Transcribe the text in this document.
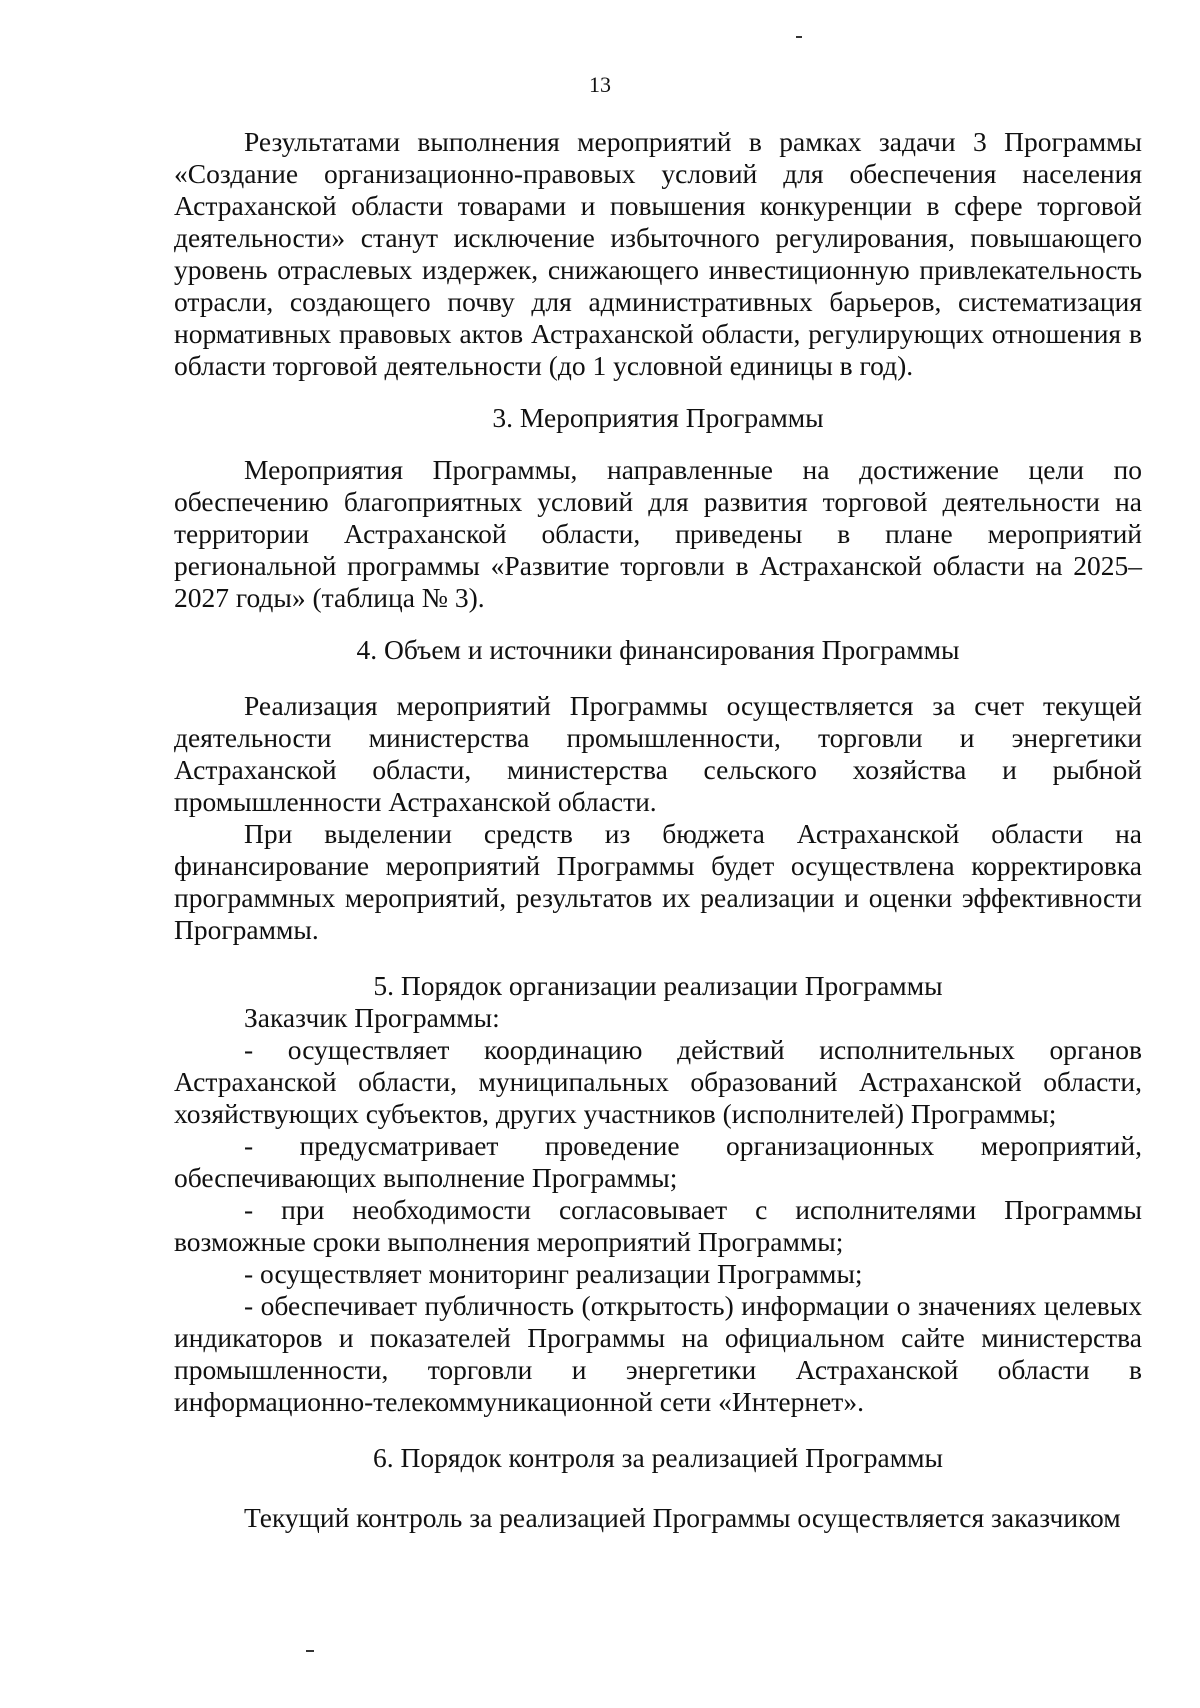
13

Результатами выполнения мероприятий в рамках задачи 3 Программы «Создание организационно-правовых условий для обеспечения населения Астраханской области товарами и повышения конкуренции в сфере торговой деятельности» станут исключение избыточного регулирования, повышающего уровень отраслевых издержек, снижающего инвестиционную привлекательность отрасли, создающего почву для административных барьеров, систематизация нормативных правовых актов Астраханской области, регулирующих отношения в области торговой деятельности (до 1 условной единицы в год).

3. Мероприятия Программы

Мероприятия Программы, направленные на достижение цели по обеспечению благоприятных условий для развития торговой деятельности на территории Астраханской области, приведены в плане мероприятий региональной программы «Развитие торговли в Астраханской области на 2025–2027 годы» (таблица № 3).

4. Объем и источники финансирования Программы

Реализация мероприятий Программы осуществляется за счет текущей деятельности министерства промышленности, торговли и энергетики Астраханской области, министерства сельского хозяйства и рыбной промышленности Астраханской области.

При выделении средств из бюджета Астраханской области на финансирование мероприятий Программы будет осуществлена корректировка программных мероприятий, результатов их реализации и оценки эффективности Программы.

5. Порядок организации реализации Программы

Заказчик Программы:

- осуществляет координацию действий исполнительных органов Астраханской области, муниципальных образований Астраханской области, хозяйствующих субъектов, других участников (исполнителей) Программы;

- предусматривает проведение организационных мероприятий, обеспечивающих выполнение Программы;

- при необходимости согласовывает с исполнителями Программы возможные сроки выполнения мероприятий Программы;

- осуществляет мониторинг реализации Программы;

- обеспечивает публичность (открытость) информации о значениях целевых индикаторов и показателей Программы на официальном сайте министерства промышленности, торговли и энергетики Астраханской области в информационно-телекоммуникационной сети «Интернет».

6. Порядок контроля за реализацией Программы

Текущий контроль за реализацией Программы осуществляется заказчиком
